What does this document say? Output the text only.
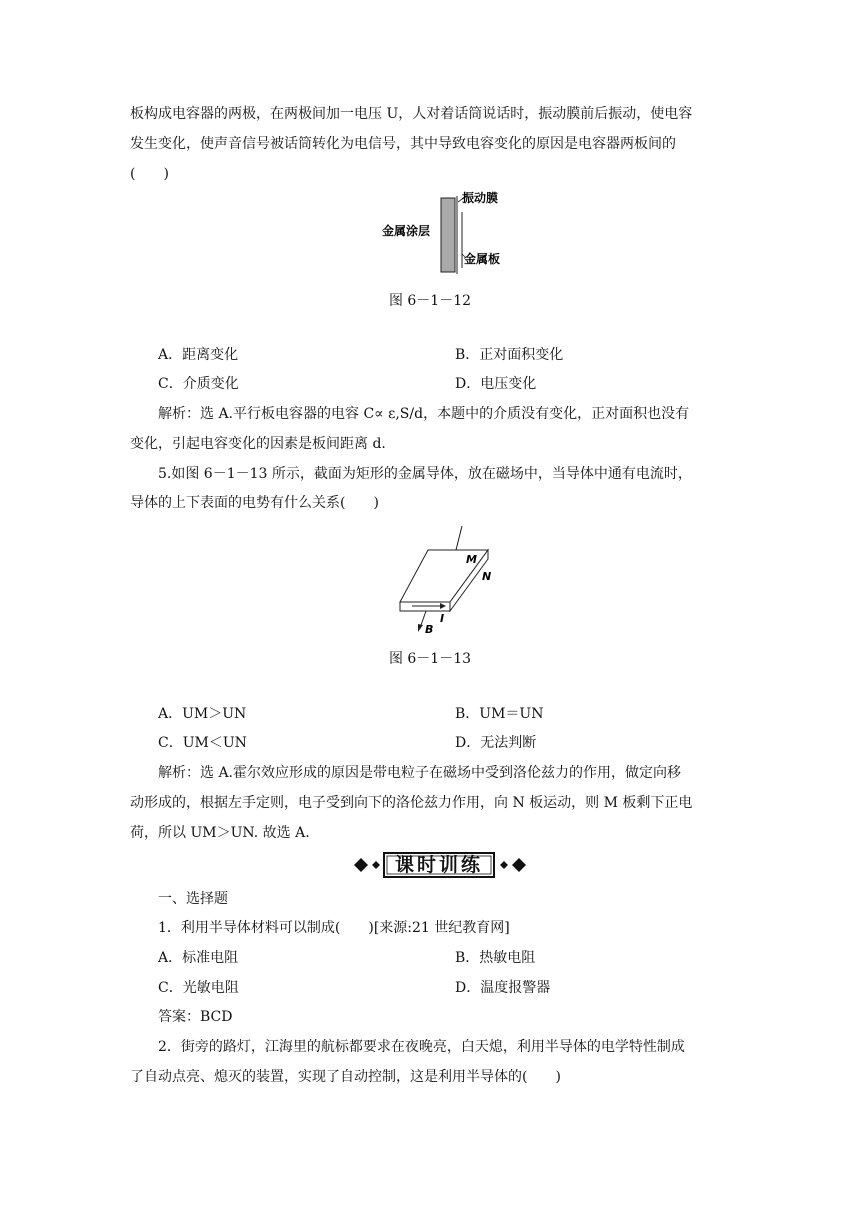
板构成电容器的两极，在两极间加一电压 U，人对着话筒说话时，振动膜前后振动，使电容
发生变化，使声音信号被话筒转化为电信号，其中导致电容变化的原因是电容器两板间的
(　　)
振动膜
金属涂层
金属板
图 6－1－12
A．距离变化	B．正对面积变化
C．介质变化	D．电压变化
解析：选 A.平行板电容器的电容 C∝ ε,S/d，本题中的介质没有变化，正对面积也没有
变化，引起电容变化的因素是板间距离 d.
5.如图 6－1－13 所示，截面为矩形的金属导体，放在磁场中，当导体中通有电流时，
导体的上下表面的电势有什么关系(　　)
M
N
I
B
图 6－1－13
A．UM＞UN	B．UM＝UN
C．UM＜UN	D．无法判断
解析：选 A.霍尔效应形成的原因是带电粒子在磁场中受到洛伦兹力的作用，做定向移
动形成的，根据左手定则，电子受到向下的洛伦兹力作用，向 N 板运动，则 M 板剩下正电
荷，所以 UM＞UN. 故选 A.
课时训练
一、选择题
1．利用半导体材料可以制成(　　)[来源:21 世纪教育网]
A．标准电阻	B．热敏电阻
C．光敏电阻	D．温度报警器
答案：BCD
2．街旁的路灯，江海里的航标都要求在夜晚亮，白天熄，利用半导体的电学特性制成
了自动点亮、熄灭的装置，实现了自动控制，这是利用半导体的(　　)
